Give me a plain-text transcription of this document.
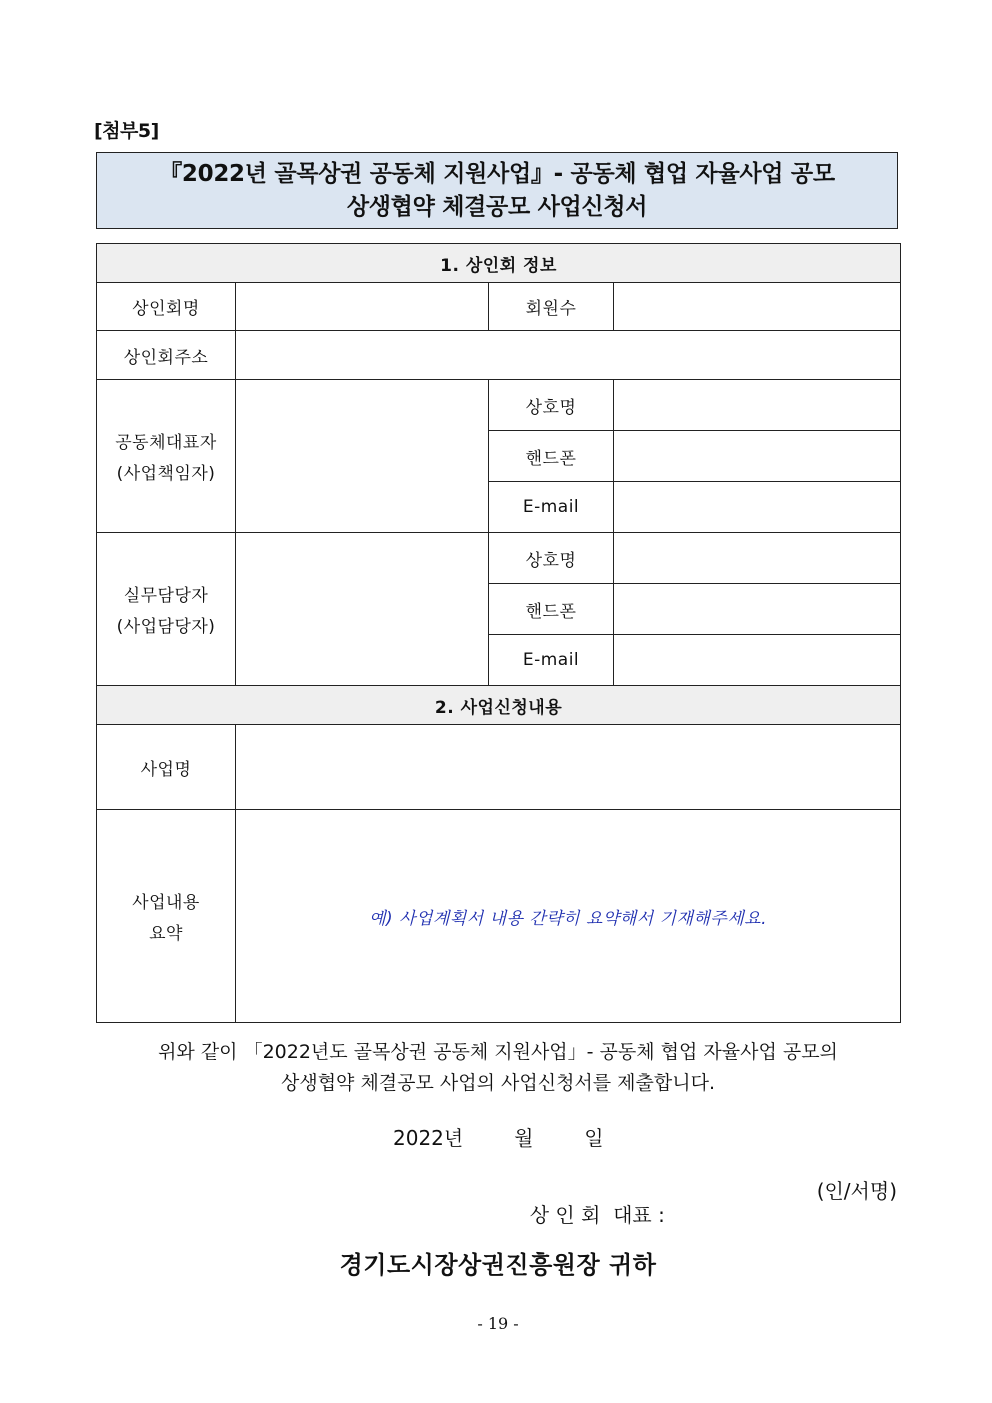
[첨부5]
『2022년 골목상권 공동체 지원사업』- 공동체 협업 자율사업 공모
상생협약 체결공모 사업신청서
1. 상인회 정보			
상인회명		회원수	
상인회주소			

공동체대표자
(사업책임자)		상호명	
		핸드폰	
		E-mail	

실무담당자
(사업담당자)		상호명	
		핸드폰	
		E-mail	
2. 사업신청내용			
사업명			

사업내용
요약	예) 사업계획서 내용 간략히 요약해서 기재해주세요.		
위와 같이 「2022년도 골목상권 공동체 지원사업」- 공동체 협업 자율사업 공모의
상생협약 체결공모 사업의 사업신청서를 제출합니다.
2022년	월	일

상 인 회  대표 :

(인/서명)

경기도시장상권진흥원장 귀하
- 19 -
